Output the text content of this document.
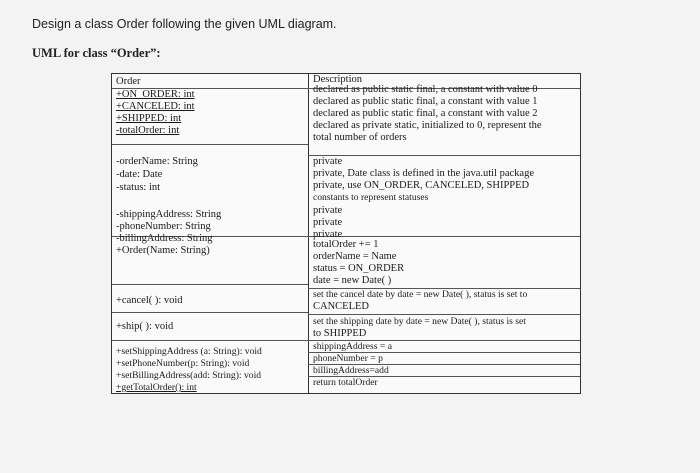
Design a class Order following the given UML diagram.
UML for class “Order”:
Order	Description
+ON_ORDER: int
+CANCELED: int
+SHIPPED: int
-totalOrder: int
declared as public static final, a constant with value 0
declared as public static final, a constant with value 1
declared as public static final, a constant with value 2
declared as private static, initialized to 0, represent the
total number of orders
-orderName: String
-date: Date
-status: int
private
private, Date class is defined in the java.util package
private, use ON_ORDER, CANCELED, SHIPPED
constants to represent statuses
-shippingAddress: String
-phoneNumber: String
-billingAddress: String
private
private
private
+Order(Name: String)
totalOrder += 1
orderName = Name
status = ON_ORDER
date = new Date( )
+cancel( ): void
set the cancel date by date = new Date( ), status is set to
CANCELED
+ship( ): void	set the shipping date by date = new Date( ), status is set
to SHIPPED
+setShippingAddress (a: String): void
+setPhoneNumber(p: String): void
+setBillingAddress(add: String): void
+getTotalOrder(): int
shippingAddress = a
phoneNumber = p
billingAddress=add
return totalOrder
